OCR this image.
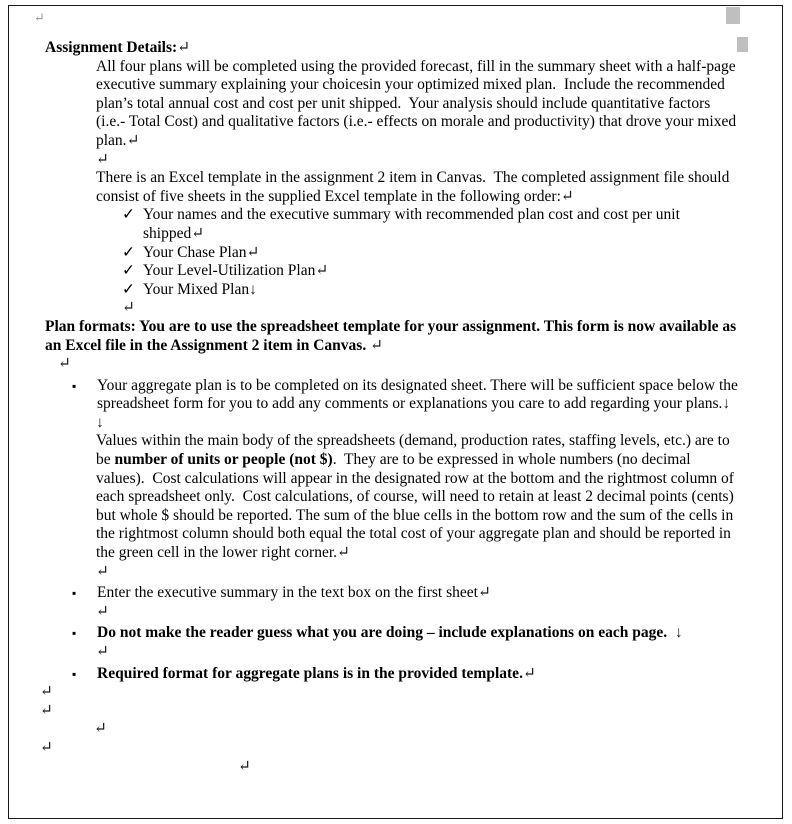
↵

Assignment Details:↵

All four plans will be completed using the provided forecast, fill in the summary sheet with a half-page executive summary explaining your choicesin your optimized mixed plan.  Include the recommended plan’s total annual cost and cost per unit shipped.  Your analysis should include quantitative factors (i.e.- Total Cost) and qualitative factors (i.e.- effects on morale and productivity) that drove your mixed plan.↵

↵

There is an Excel template in the assignment 2 item in Canvas.  The completed assignment file should consist of five sheets in the supplied Excel template in the following order:↵

✓ Your names and the executive summary with recommended plan cost and cost per unit shipped↵
✓ Your Chase Plan↵
✓ Your Level-Utilization Plan↵
✓ Your Mixed Plan↓

↵

Plan formats: You are to use the spreadsheet template for your assignment. This form is now available as an Excel file in the Assignment 2 item in Canvas. ↵

↵

▪	Your aggregate plan is to be completed on its designated sheet. There will be sufficient space below the spreadsheet form for you to add any comments or explanations you care to add regarding your plans.↓

↓

Values within the main body of the spreadsheets (demand, production rates, staffing levels, etc.) are to be number of units or people (not $).  They are to be expressed in whole numbers (no decimal values).  Cost calculations will appear in the designated row at the bottom and the rightmost column of each spreadsheet only.  Cost calculations, of course, will need to retain at least 2 decimal points (cents) but whole $ should be reported. The sum of the blue cells in the bottom row and the sum of the cells in the rightmost column should both equal the total cost of your aggregate plan and should be reported in the green cell in the lower right corner.↵

↵

▪	Enter the executive summary in the text box on the first sheet↵

↵

▪	Do not make the reader guess what you are doing – include explanations on each page.  ↓

↵

▪	Required format for aggregate plans is in the provided template.↵
↵
↵
↵
↵
↵
